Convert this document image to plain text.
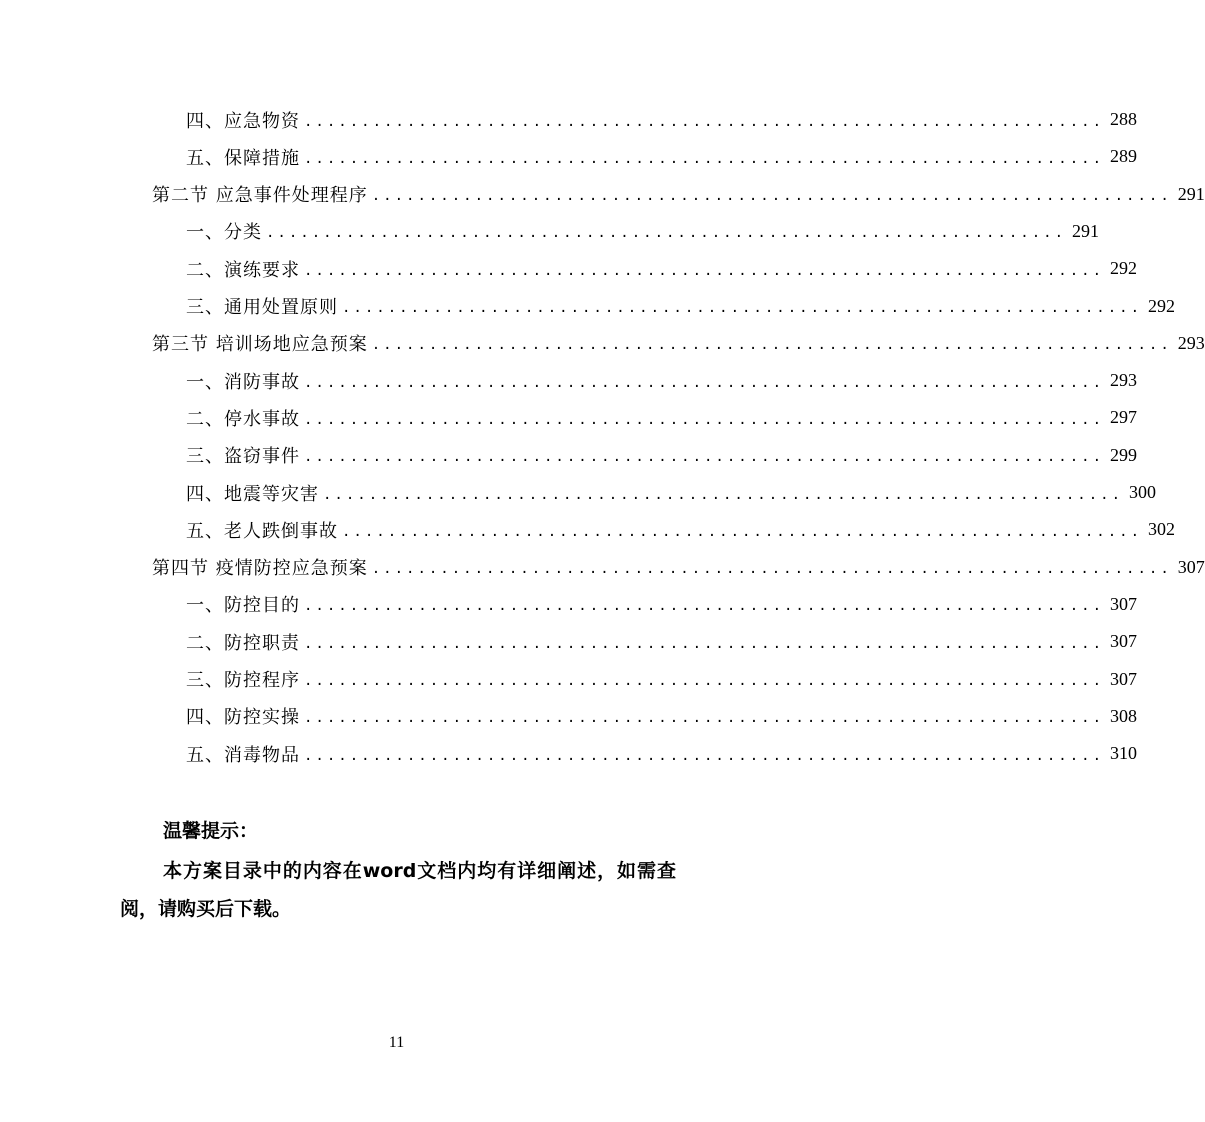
四、应急物资 ...................................................................... 288
五、保障措施 ...................................................................... 289
第二节 应急事件处理程序 ...................................................................... 291
一、分类 ...................................................................... 291
二、演练要求 ...................................................................... 292
三、通用处置原则 ...................................................................... 292
第三节 培训场地应急预案 ...................................................................... 293
一、消防事故 ...................................................................... 293
二、停水事故 ...................................................................... 297
三、盗窃事件 ...................................................................... 299
四、地震等灾害 ...................................................................... 300
五、老人跌倒事故 ...................................................................... 302
第四节 疫情防控应急预案 ...................................................................... 307
一、防控目的 ...................................................................... 307
二、防控职责 ...................................................................... 307
三、防控程序 ...................................................................... 307
四、防控实操 ...................................................................... 308
五、消毒物品 ...................................................................... 310
温馨提示：
本方案目录中的内容在word文档内均有详细阐述，如需查阅，请购买后下载。
11
